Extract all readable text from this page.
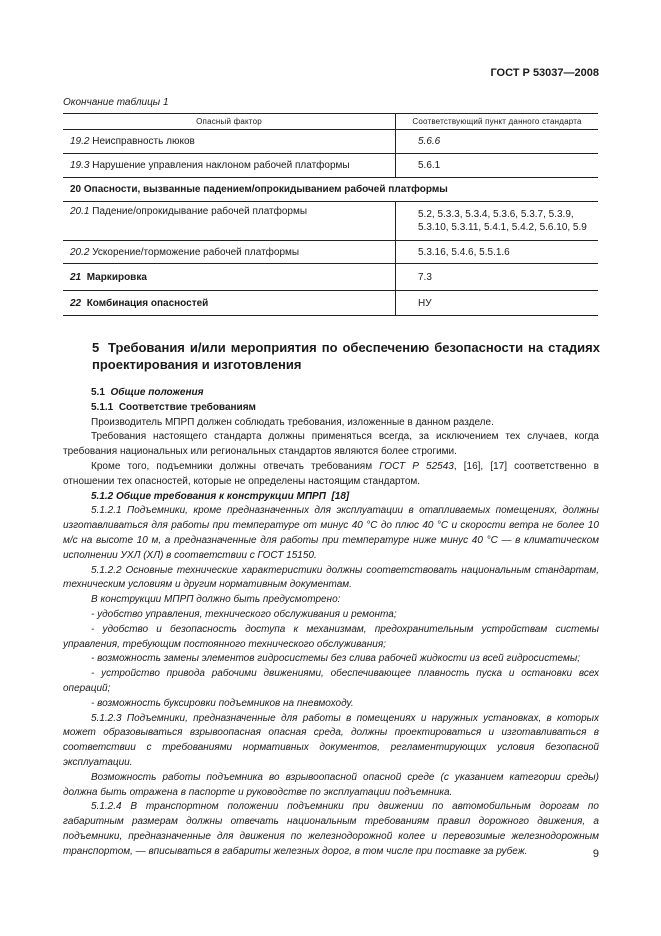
ГОСТ Р 53037—2008
Окончание таблицы 1
Опасный фактор	Соответствующий пункт данного стандарта
19.2 Неисправность люков	5.6.6
19.3 Нарушение управления наклоном рабочей платформы	5.6.1
20 Опасности, вызванные падением/опрокидыванием рабочей платформы	
20.1 Падение/опрокидывание рабочей платформы	5.2, 5.3.3, 5.3.4, 5.3.6, 5.3.7, 5.3.9,
5.3.10, 5.3.11, 5.4.1, 5.4.2, 5.6.10, 5.9

20.2 Ускорение/торможение рабочей платформы	5.3.16, 5.4.6, 5.5.1.6
21 Маркировка	7.3
22 Комбинация опасностей	НУ
5 Требования и/или мероприятия по обеспечению безопасности на стадиях проектирования и изготовления

5.1 Общие положения

5.1.1 Соответствие требованиям

Производитель МПРП должен соблюдать требования, изложенные в данном разделе.

Требования настоящего стандарта должны применяться всегда, за исключением тех случаев, когда требования национальных или региональных стандартов являются более строгими.

Кроме того, подъемники должны отвечать требованиям ГОСТ Р 52543, [16], [17] соответственно в отношении тех опасностей, которые не определены настоящим стандартом.

5.1.2 Общие требования к конструкции МПРП [18]

5.1.2.1 Подъемники, кроме предназначенных для эксплуатации в отапливаемых помещениях, должны изготавливаться для работы при температуре от минус 40 °С до плюс 40 °С и скорости ветра не более 10 м/с на высоте 10 м, а предназначенные для работы при температуре ниже минус 40 °С — в климатическом исполнении УХЛ (ХЛ) в соответствии с ГОСТ 15150.

5.1.2.2 Основные технические характеристики должны соответствовать национальным стандартам, техническим условиям и другим нормативным документам.

В конструкции МПРП должно быть предусмотрено:

- удобство управления, технического обслуживания и ремонта;

- удобство и безопасность доступа к механизмам, предохранительным устройствам системы управления, требующим постоянного технического обслуживания;

- возможность замены элементов гидросистемы без слива рабочей жидкости из всей гидросистемы;

- устройство привода рабочими движениями, обеспечивающее плавность пуска и остановки всех операций;

- возможность буксировки подъемников на пневмоходу.

5.1.2.3 Подъемники, предназначенные для работы в помещениях и наружных установках, в которых может образовываться взрывоопасная опасная среда, должны проектироваться и изготавливаться в соответствии с требованиями нормативных документов, регламентирующих условия безопасной эксплуатации.

Возможность работы подъемника во взрывоопасной опасной среде (с указанием категории среды) должна быть отражена в паспорте и руководстве по эксплуатации подъемника.

5.1.2.4 В транспортном положении подъемники при движении по автомобильным дорогам по габаритным размерам должны отвечать национальным требованиям правил дорожного движения, а подъемники, предназначенные для движения по железнодорожной колее и перевозимые железнодорожным транспортом, — вписываться в габариты железных дорог, в том числе при поставке за рубеж.	9
